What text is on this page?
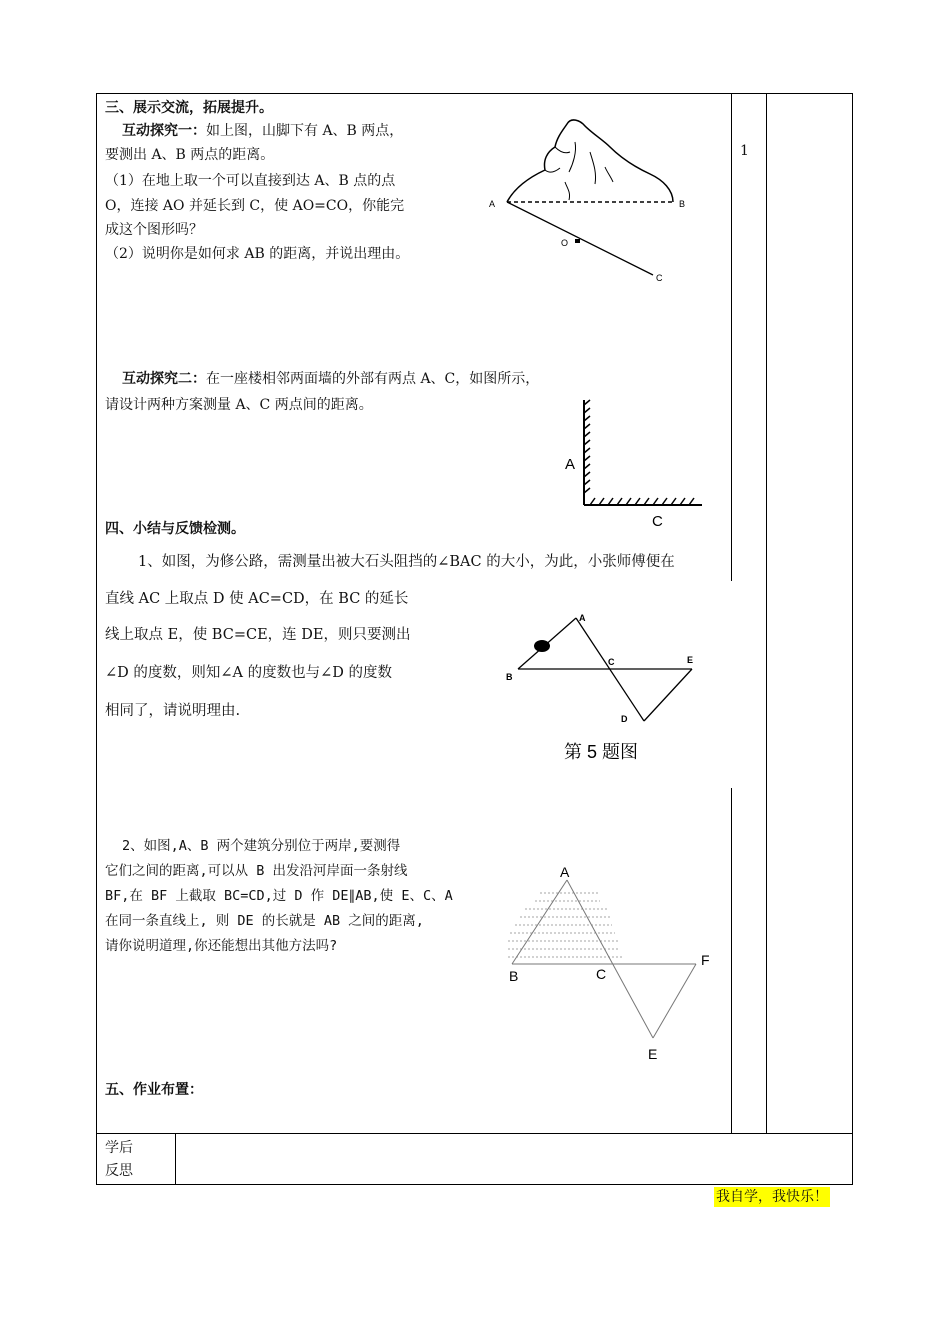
三、展示交流，拓展提升。
互动探究一：如上图，山脚下有 A、B 两点，
要测出 A、B 两点的距离。
（1）在地上取一个可以直接到达 A、B 点的点
O，连接 AO 并延长到 C，使 AO=CO，你能完
成这个图形吗？
（2）说明你是如何求 AB 的距离，并说出理由。
A	B
O
C
互动探究二：在一座楼相邻两面墙的外部有两点 A、C，如图所示，
请设计两种方案测量 A、C 两点间的距离。
A
C
1
四、小结与反馈检测。
1、如图，为修公路，需测量出被大石头阻挡的∠BAC 的大小，为此，小张师傅便在
直线 AC 上取点 D 使 AC=CD，在 BC 的延长
线上取点 E，使 BC=CE，连 DE，则只要测出
∠D 的度数，则知∠A 的度数也与∠D 的度数
相同了，请说明理由.
A
B
C
D
E
第 5 题图
2、如图,A、B 两个建筑分别位于两岸,要测得
它们之间的距离,可以从 B 出发沿河岸面一条射线
BF,在 BF 上截取 BC=CD,过 D 作 DE∥AB,使 E、C、A
在同一条直线上, 则 DE 的长就是 AB 之间的距离,
请你说明道理,你还能想出其他方法吗?
A
B	C
F
E
五、作业布置：
学后
反思
我自学，我快乐！
